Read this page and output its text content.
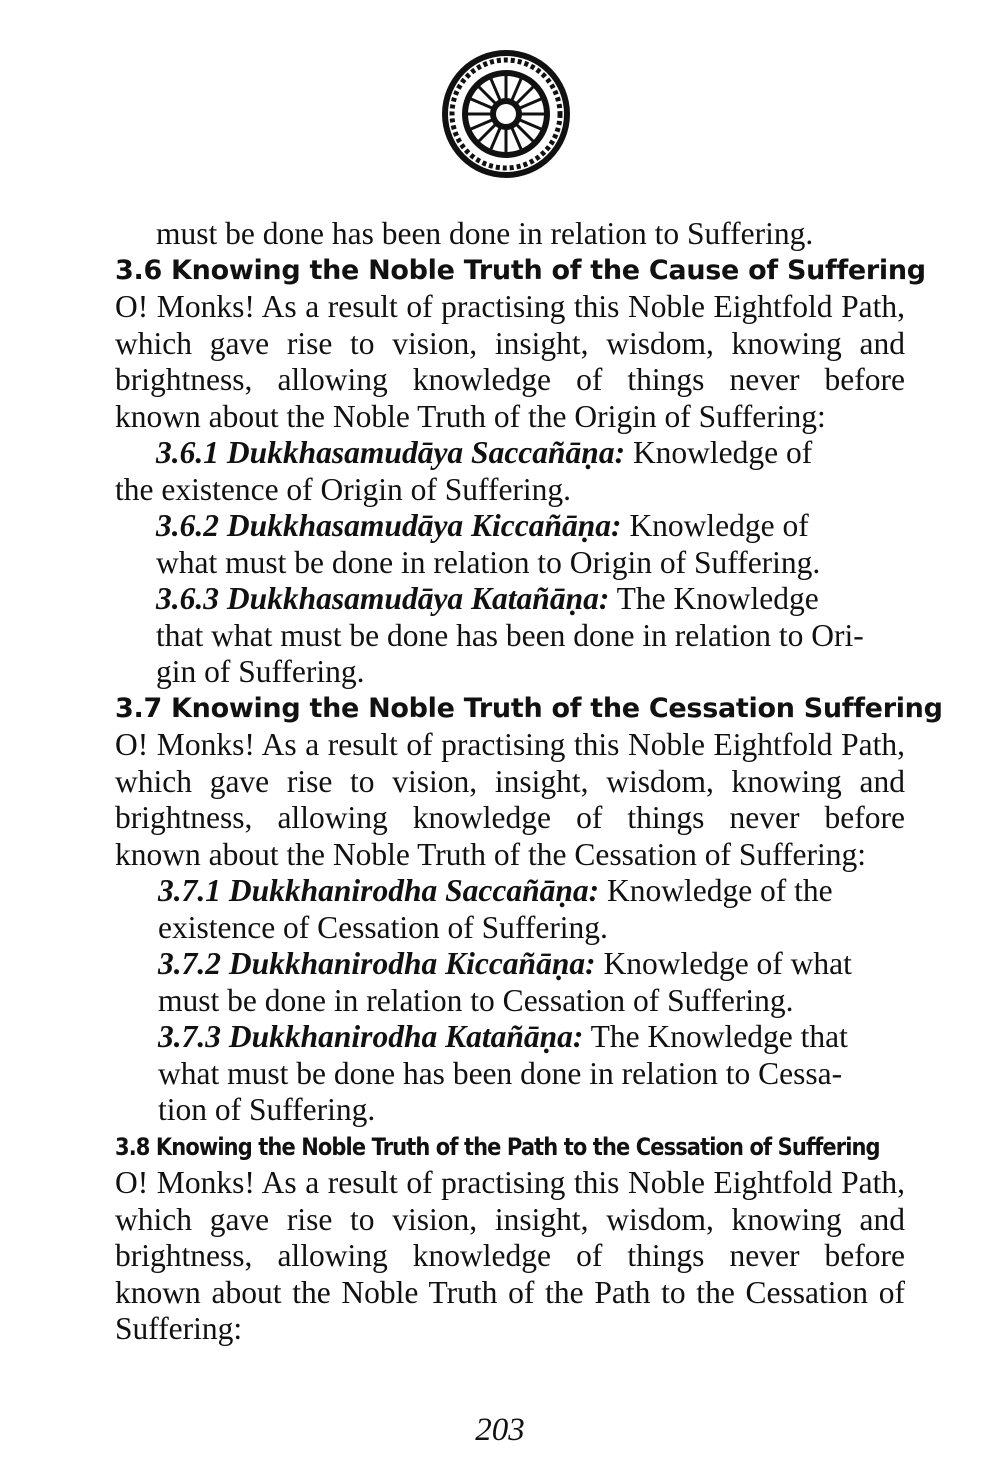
must be done has been done in relation to Suffering.
3.6 Knowing the Noble Truth of the Cause of Suffering
O! Monks! As a result of practising this Noble Eightfold Path,
which gave rise to vision, insight, wisdom, knowing and
brightness, allowing knowledge of things never before
known about the Noble Truth of the Origin of Suffering:
3.6.1 Dukkhasamudāya Saccañāṇa: Knowledge of
the existence of Origin of Suffering.
3.6.2 Dukkhasamudāya Kiccañāṇa: Knowledge of
what must be done in relation to Origin of Suffering.
3.6.3 Dukkhasamudāya Katañāṇa: The Knowledge
that what must be done has been done in relation to Ori-
gin of Suffering.
3.7 Knowing the Noble Truth of the Cessation Suffering
O! Monks! As a result of practising this Noble Eightfold Path,
which gave rise to vision, insight, wisdom, knowing and
brightness, allowing knowledge of things never before
known about the Noble Truth of the Cessation of Suffering:
3.7.1 Dukkhanirodha Saccañāṇa: Knowledge of the
existence of Cessation of Suffering.
3.7.2 Dukkhanirodha Kiccañāṇa: Knowledge of what
must be done in relation to Cessation of Suffering.
3.7.3 Dukkhanirodha Katañāṇa: The Knowledge that
what must be done has been done in relation to Cessa-
tion of Suffering.
3.8 Knowing the Noble Truth of the Path to the Cessation of Suffering
O! Monks! As a result of practising this Noble Eightfold Path,
which gave rise to vision, insight, wisdom, knowing and
brightness, allowing knowledge of things never before
known about the Noble Truth of the Path to the Cessation of
Suffering:
203
